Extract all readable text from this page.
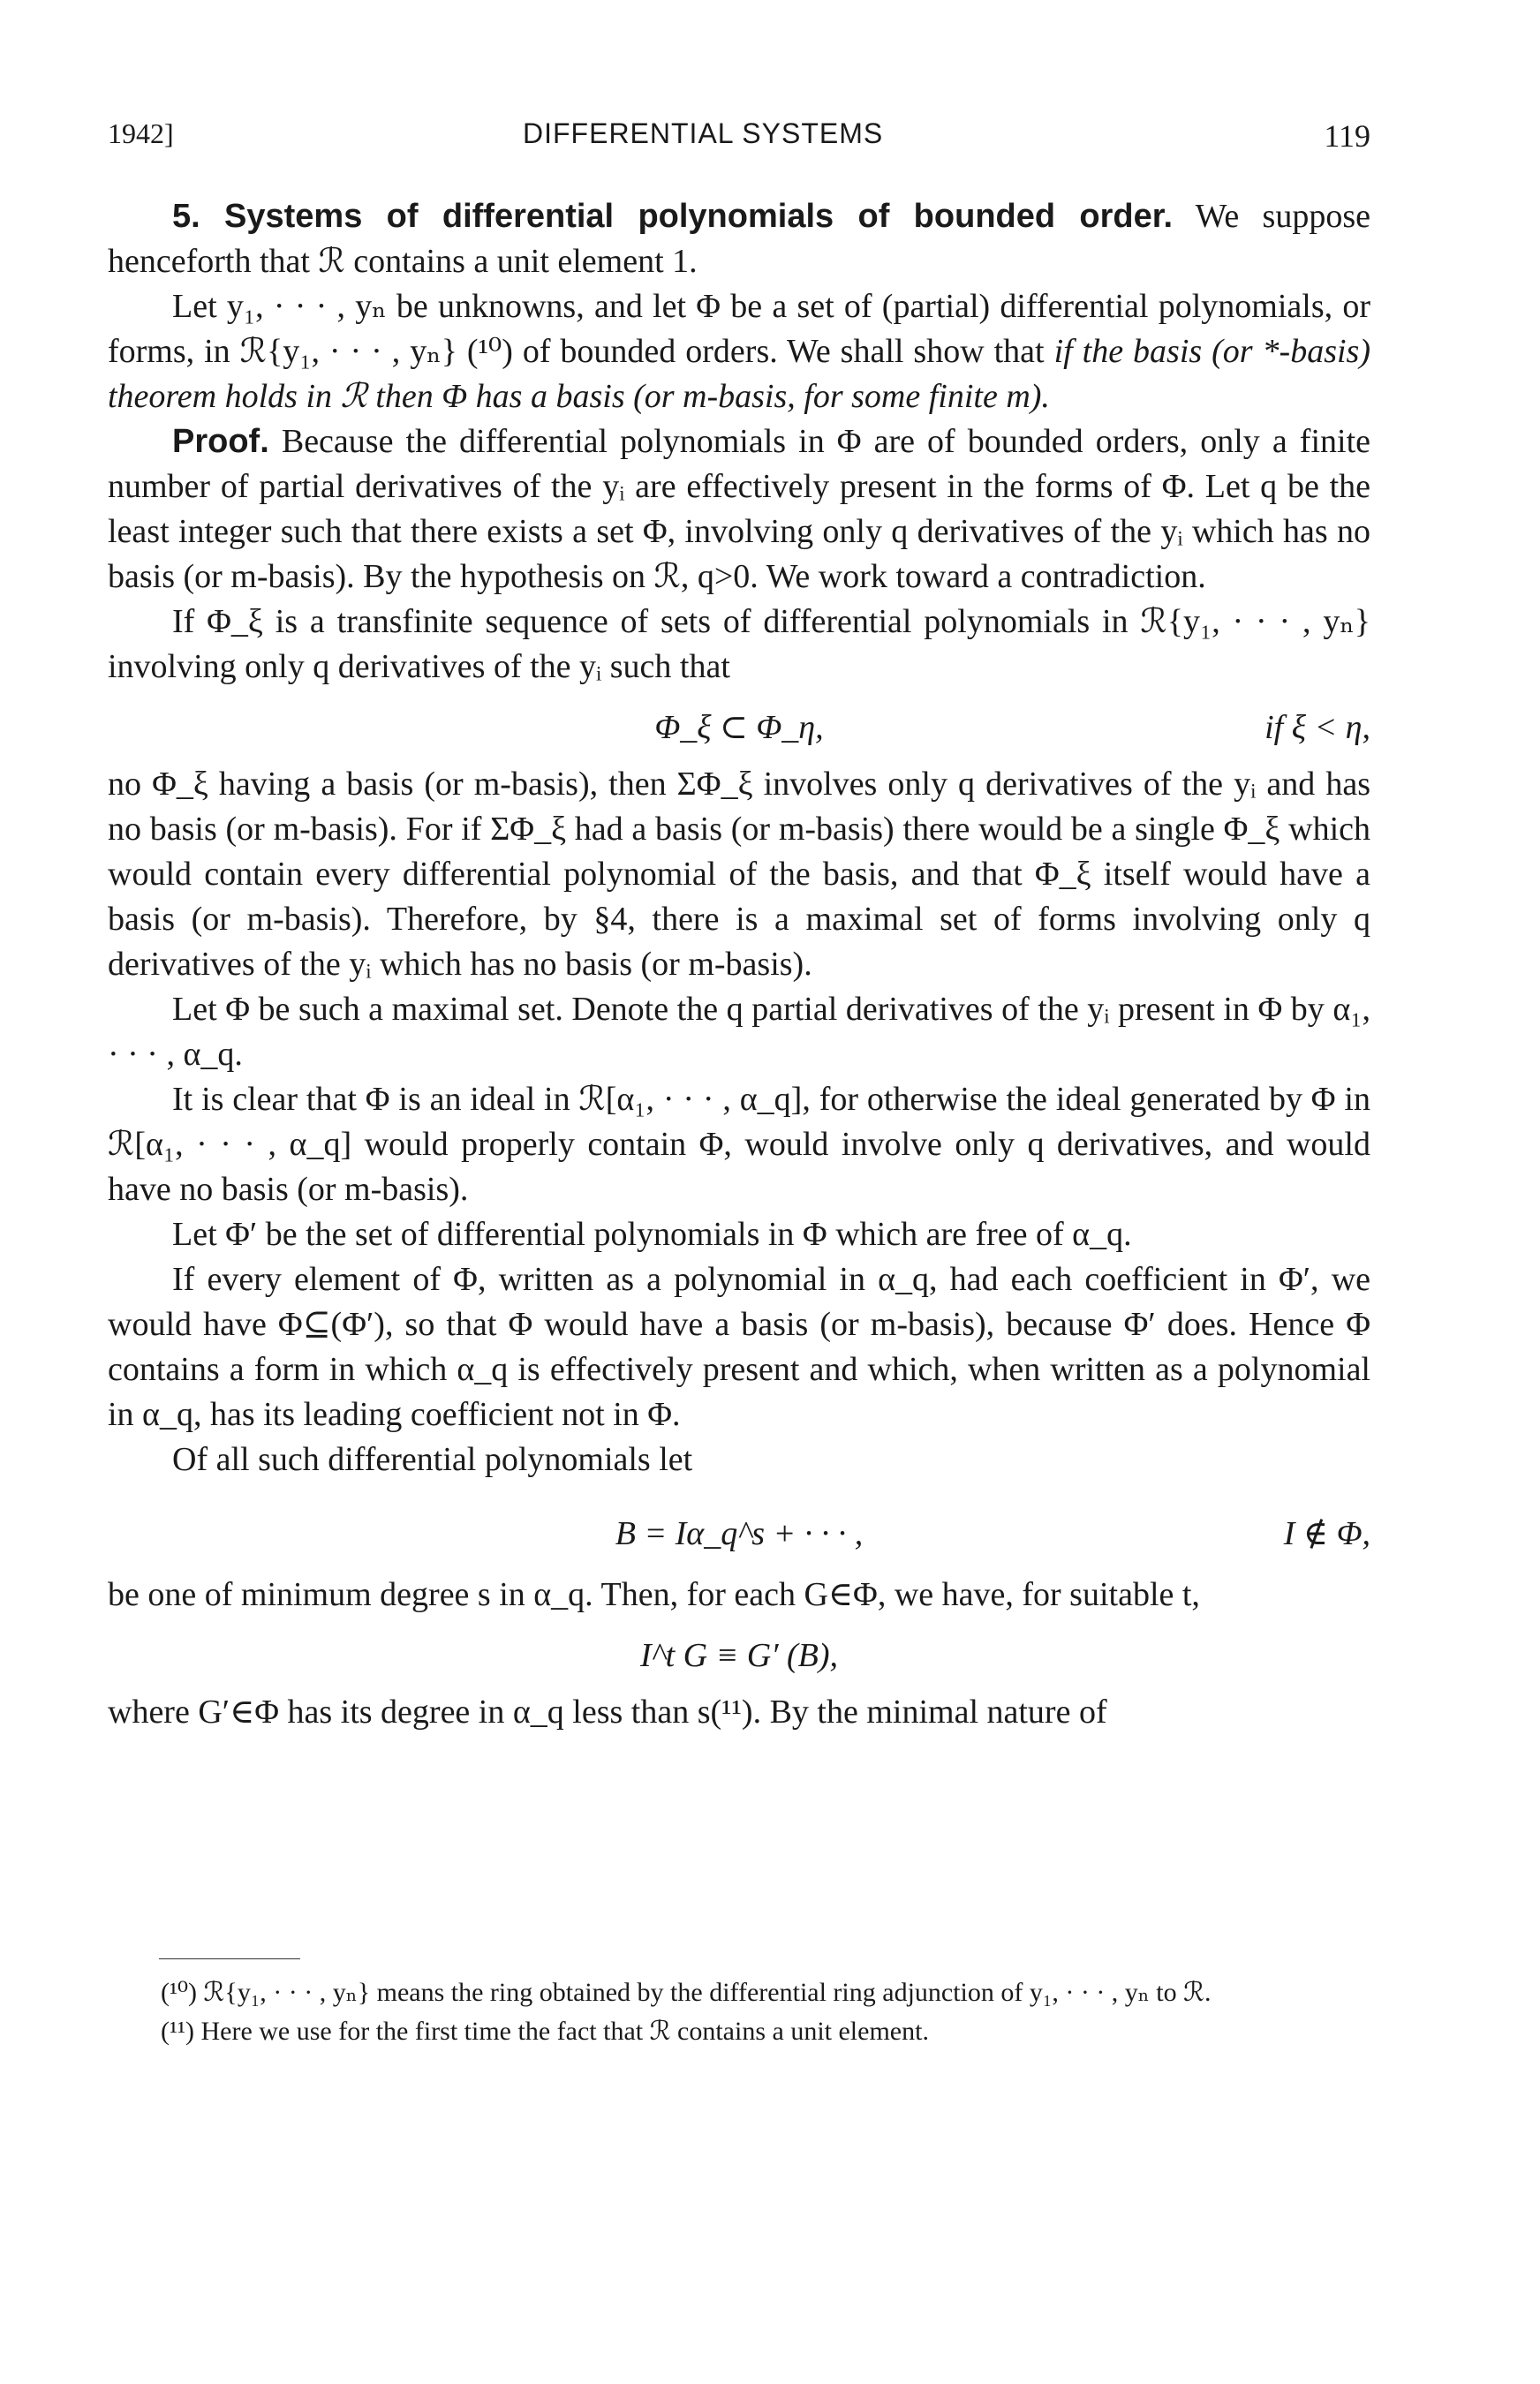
1942]	DIFFERENTIAL SYSTEMS	119

5. Systems of differential polynomials of bounded order. We suppose henceforth that ℛ contains a unit element 1.

Let y₁, · · · , yₙ be unknowns, and let Φ be a set of (partial) differential polynomials, or forms, in ℛ{y₁, · · · , yₙ} (¹⁰) of bounded orders. We shall show that if the basis (or *-basis) theorem holds in ℛ then Φ has a basis (or m-basis, for some finite m).

Proof. Because the differential polynomials in Φ are of bounded orders, only a finite number of partial derivatives of the yᵢ are effectively present in the forms of Φ. Let q be the least integer such that there exists a set Φ, involving only q derivatives of the yᵢ which has no basis (or m-basis). By the hypothesis on ℛ, q>0. We work toward a contradiction.

If Φ_ξ is a transfinite sequence of sets of differential polynomials in ℛ{y₁, · · · , yₙ} involving only q derivatives of the yᵢ such that

Φ_ξ ⊂ Φ_η,	if ξ < η,

no Φ_ξ having a basis (or m-basis), then ΣΦ_ξ involves only q derivatives of the yᵢ and has no basis (or m-basis). For if ΣΦ_ξ had a basis (or m-basis) there would be a single Φ_ξ which would contain every differential polynomial of the basis, and that Φ_ξ itself would have a basis (or m-basis). Therefore, by §4, there is a maximal set of forms involving only q derivatives of the yᵢ which has no basis (or m-basis).

Let Φ be such a maximal set. Denote the q partial derivatives of the yᵢ present in Φ by α₁, · · · , α_q.

It is clear that Φ is an ideal in ℛ[α₁, · · · , α_q], for otherwise the ideal generated by Φ in ℛ[α₁, · · · , α_q] would properly contain Φ, would involve only q derivatives, and would have no basis (or m-basis).

Let Φ′ be the set of differential polynomials in Φ which are free of α_q.

If every element of Φ, written as a polynomial in α_q, had each coefficient in Φ′, we would have Φ⊆(Φ′), so that Φ would have a basis (or m-basis), because Φ′ does. Hence Φ contains a form in which α_q is effectively present and which, when written as a polynomial in α_q, has its leading coefficient not in Φ.

Of all such differential polynomials let

B = Iα_q^s + · · · ,	I ∉ Φ,

be one of minimum degree s in α_q. Then, for each G∈Φ, we have, for suitable t,

I^t G ≡ G′ (B),

where G′∈Φ has its degree in α_q less than s(¹¹). By the minimal nature of

(¹⁰) ℛ{y₁, · · · , yₙ} means the ring obtained by the differential ring adjunction of y₁, · · · , yₙ to ℛ.

(¹¹) Here we use for the first time the fact that ℛ contains a unit element.
